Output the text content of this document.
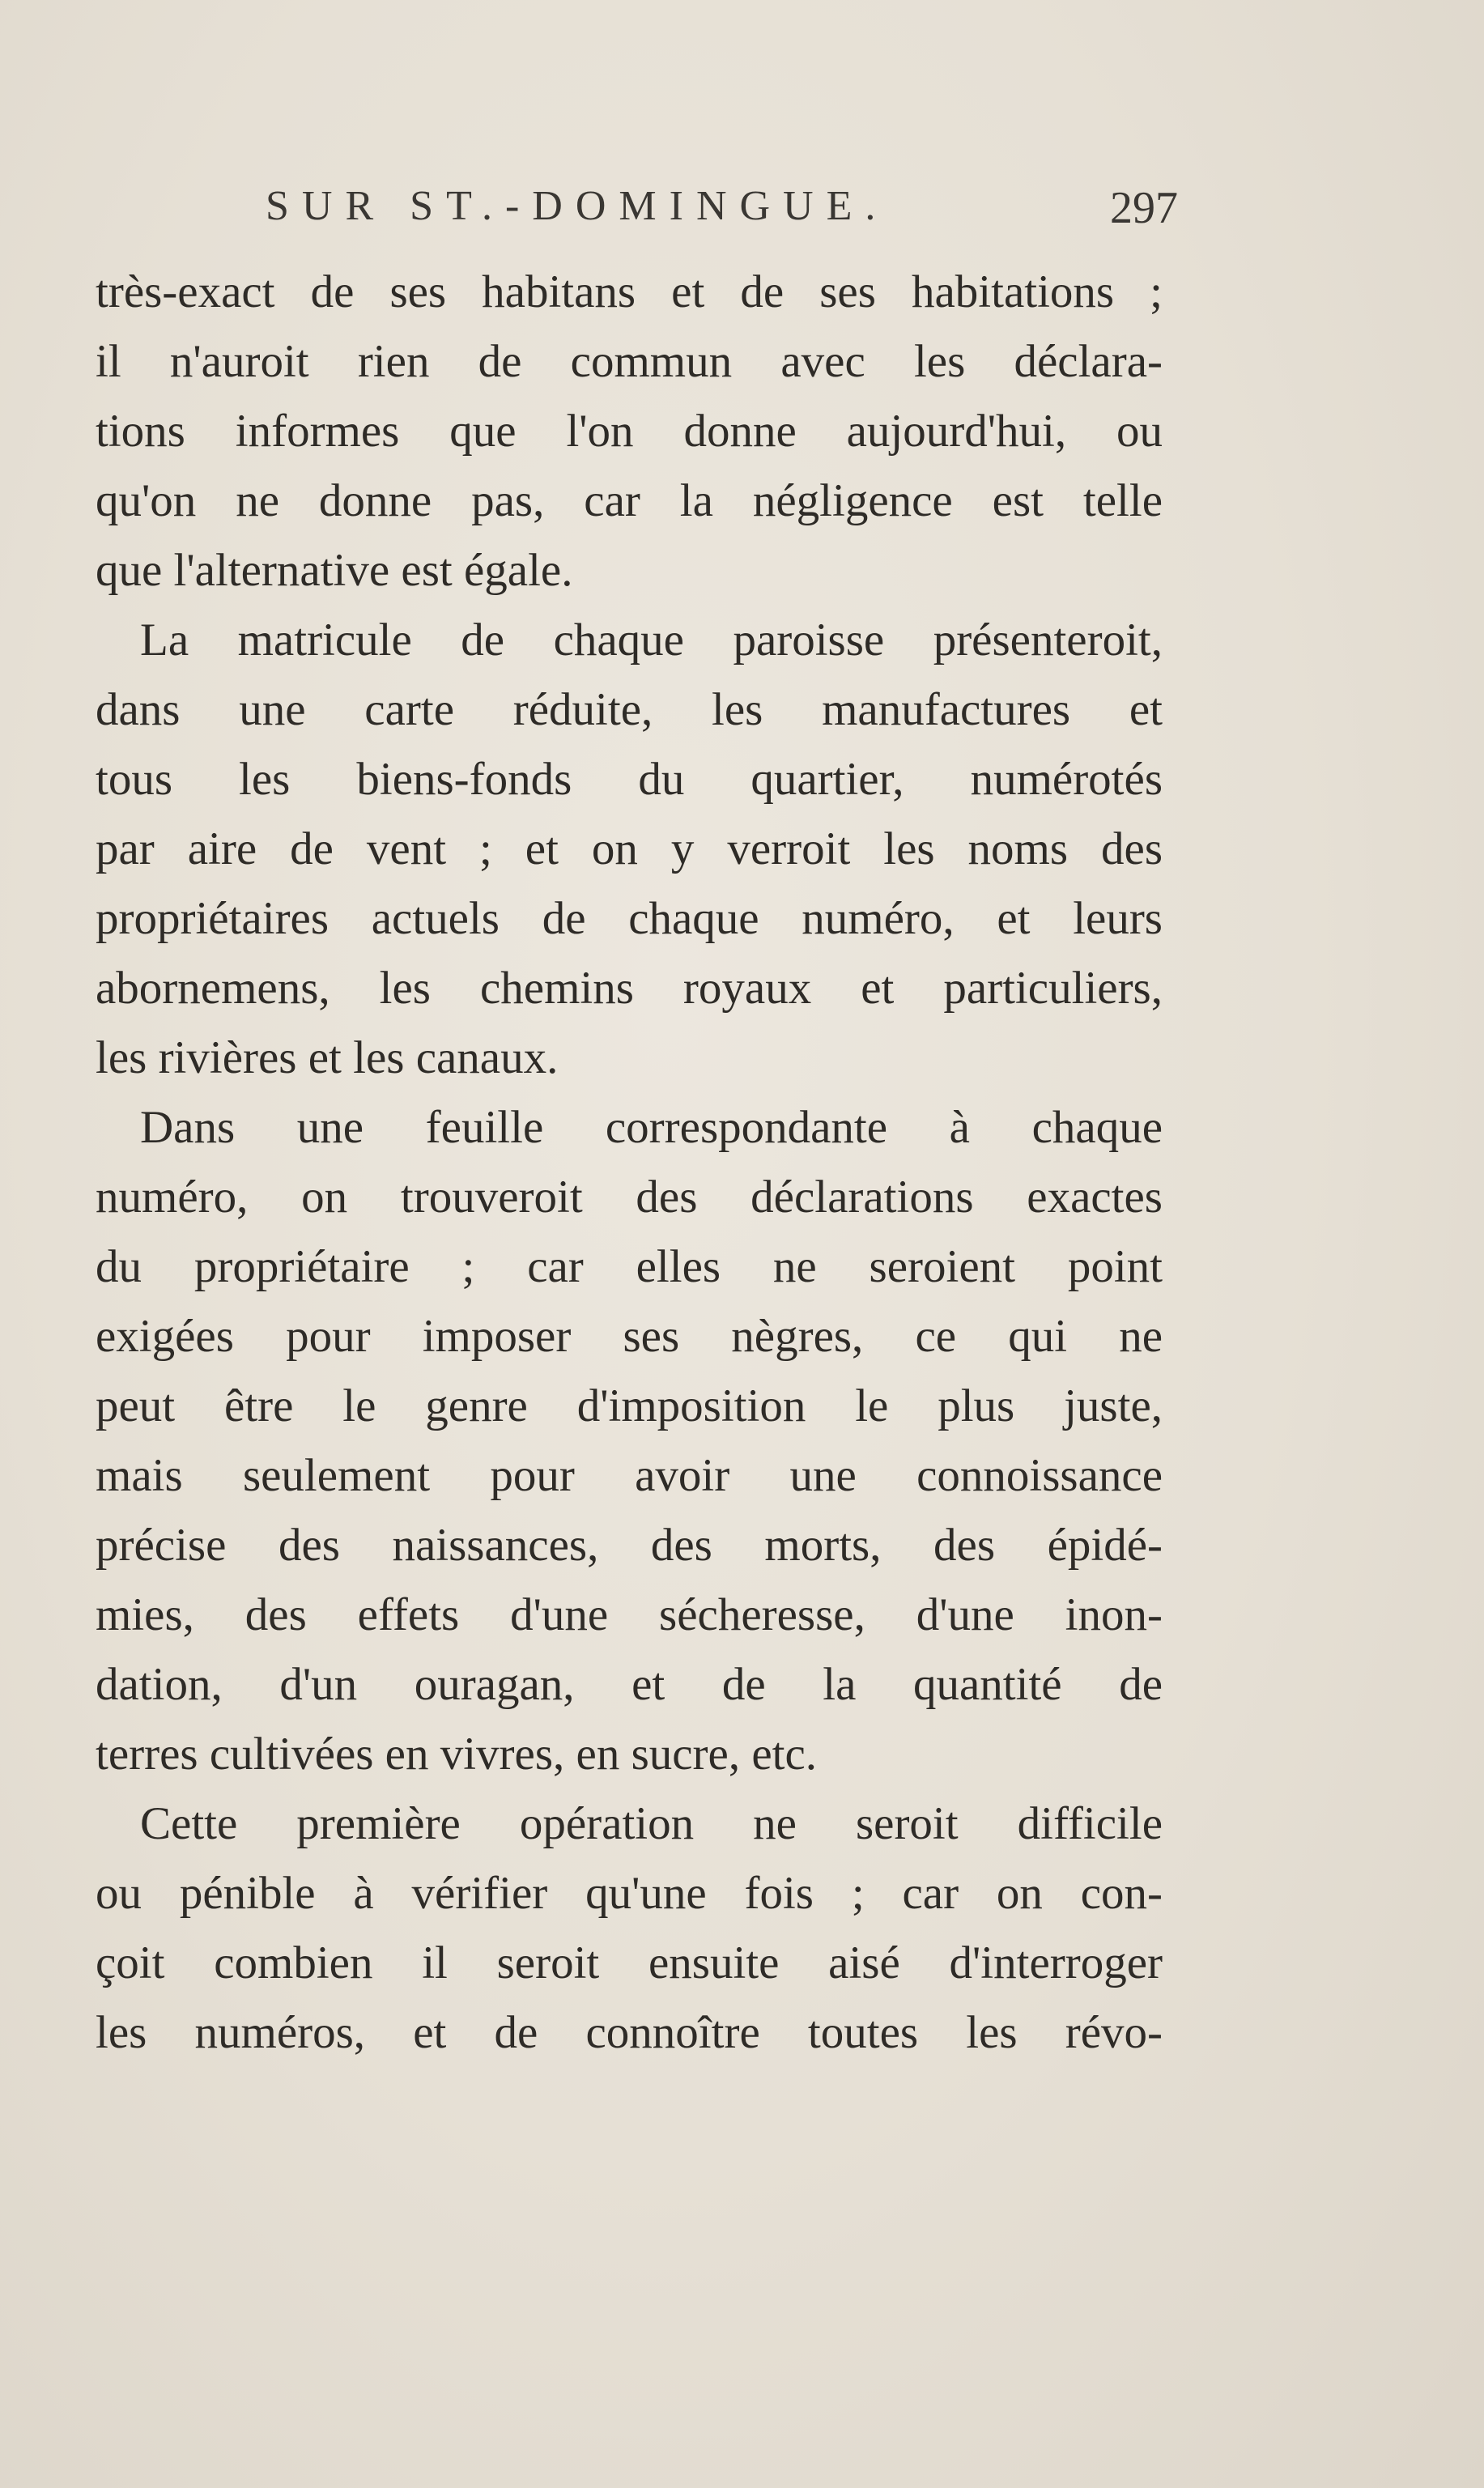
SUR ST.-DOMINGUE.	297
très-exact de ses habitans et de ses habitations ;
il n'auroit rien de commun avec les déclara-
tions informes que l'on donne aujourd'hui, ou
qu'on ne donne pas, car la négligence est telle
que l'alternative est égale.
La matricule de chaque paroisse présenteroit,
dans une carte réduite, les manufactures et
tous les biens-fonds du quartier, numérotés
par aire de vent ; et on y verroit les noms des
propriétaires actuels de chaque numéro, et leurs
abornemens, les chemins royaux et particuliers,
les rivières et les canaux.
Dans une feuille correspondante à chaque
numéro, on trouveroit des déclarations exactes
du propriétaire ; car elles ne seroient point
exigées pour imposer ses nègres, ce qui ne
peut être le genre d'imposition le plus juste,
mais seulement pour avoir une connoissance
précise des naissances, des morts, des épidé-
mies, des effets d'une sécheresse, d'une inon-
dation, d'un ouragan, et de la quantité de
terres cultivées en vivres, en sucre, etc.
Cette première opération ne seroit difficile
ou pénible à vérifier qu'une fois ; car on con-
çoit combien il seroit ensuite aisé d'interroger
les numéros, et de connoître toutes les révo-
